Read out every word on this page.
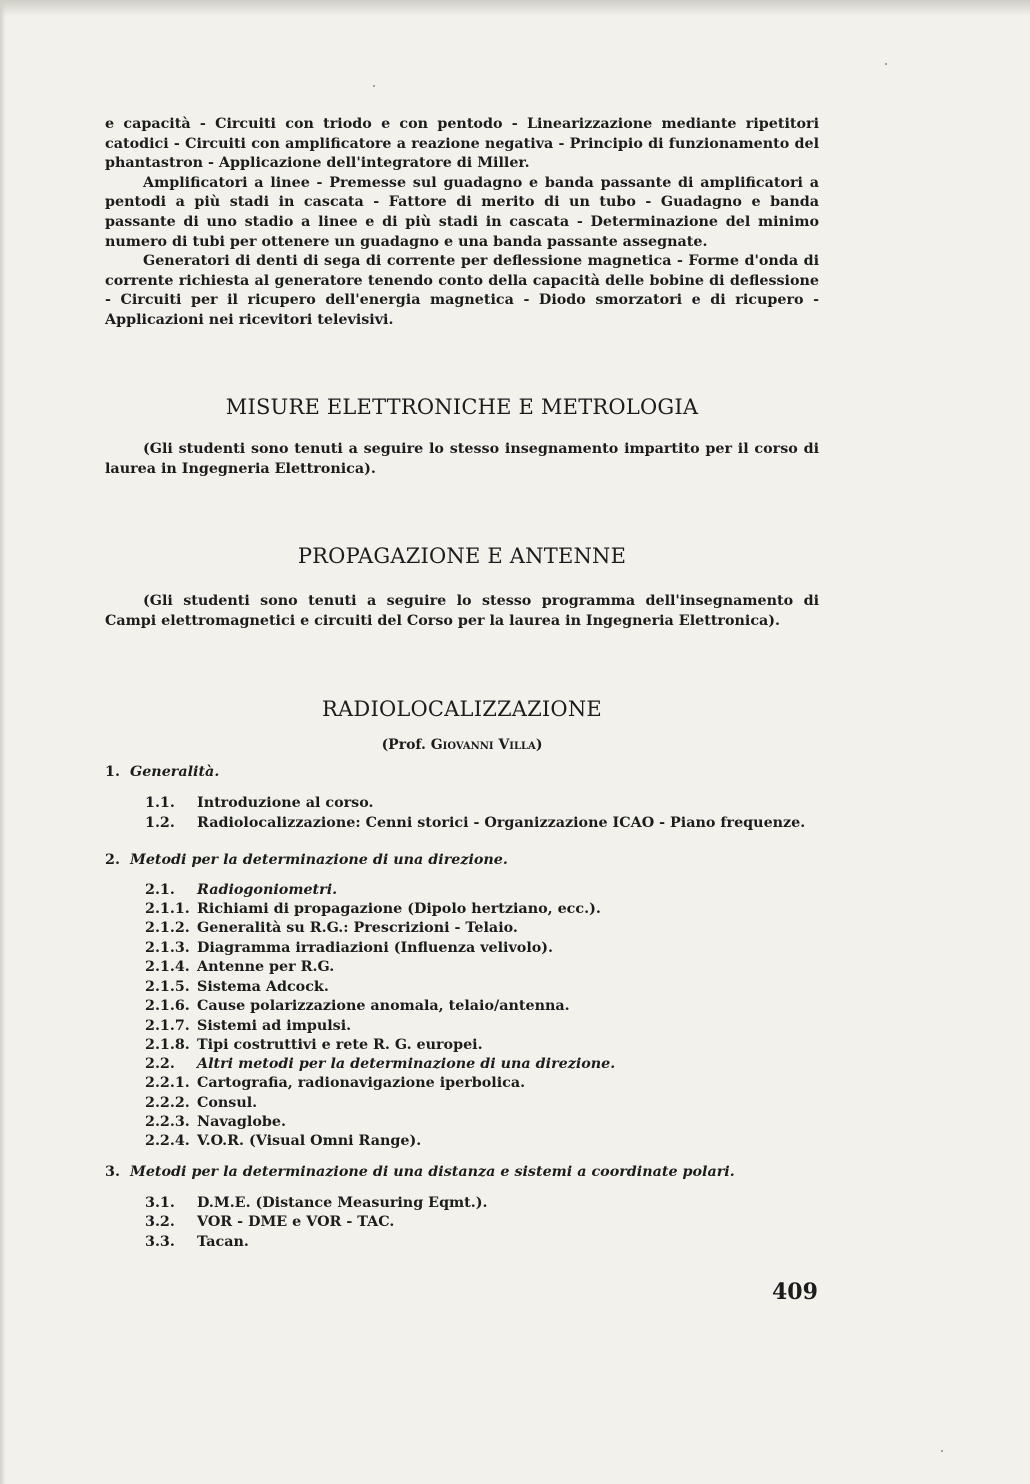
e capacità - Circuiti con triodo e con pentodo - Linearizzazione mediante ripetitori catodici - Circuiti con amplificatore a reazione negativa - Principio di funzionamento del phantastron - Applicazione dell'integratore di Miller.

Amplificatori a linee - Premesse sul guadagno e banda passante di amplificatori a pentodi a più stadi in cascata - Fattore di merito di un tubo - Guadagno e banda passante di uno stadio a linee e di più stadi in cascata - Determinazione del minimo numero di tubi per ottenere un guadagno e una banda passante assegnate.

Generatori di denti di sega di corrente per deflessione magnetica - Forme d'onda di corrente richiesta al generatore tenendo conto della capacità delle bobine di deflessione - Circuiti per il ricupero dell'energia magnetica - Diodo smorzatori e di ricupero - Applicazioni nei ricevitori televisivi.

MISURE ELETTRONICHE E METROLOGIA

(Gli studenti sono tenuti a seguire lo stesso insegnamento impartito per il corso di laurea in Ingegneria Elettronica).

PROPAGAZIONE E ANTENNE

(Gli studenti sono tenuti a seguire lo stesso programma dell'insegnamento di Campi elettromagnetici e circuiti del Corso per la laurea in Ingegneria Elettronica).

RADIOLOCALIZZAZIONE
(Prof. Giovanni Villa)
1. Generalità.
1.1. Introduzione al corso.
1.2. Radiolocalizzazione: Cenni storici - Organizzazione ICAO - Piano frequenze.
2. Metodi per la determinazione di una direzione.
2.1. Radiogoniometri.
2.1.1. Richiami di propagazione (Dipolo hertziano, ecc.).
2.1.2. Generalità su R.G.: Prescrizioni - Telaio.
2.1.3. Diagramma irradiazioni (Influenza velivolo).
2.1.4. Antenne per R.G.
2.1.5. Sistema Adcock.
2.1.6. Cause polarizzazione anomala, telaio/antenna.
2.1.7. Sistemi ad impulsi.
2.1.8. Tipi costruttivi e rete R. G. europei.
2.2. Altri metodi per la determinazione di una direzione.
2.2.1. Cartografia, radionavigazione iperbolica.
2.2.2. Consul.
2.2.3. Navaglobe.
2.2.4. V.O.R. (Visual Omni Range).
3. Metodi per la determinazione di una distanza e sistemi a coordinate polari.
3.1. D.M.E. (Distance Measuring Eqmt.).
3.2. VOR - DME e VOR - TAC.
3.3. Tacan.
409
